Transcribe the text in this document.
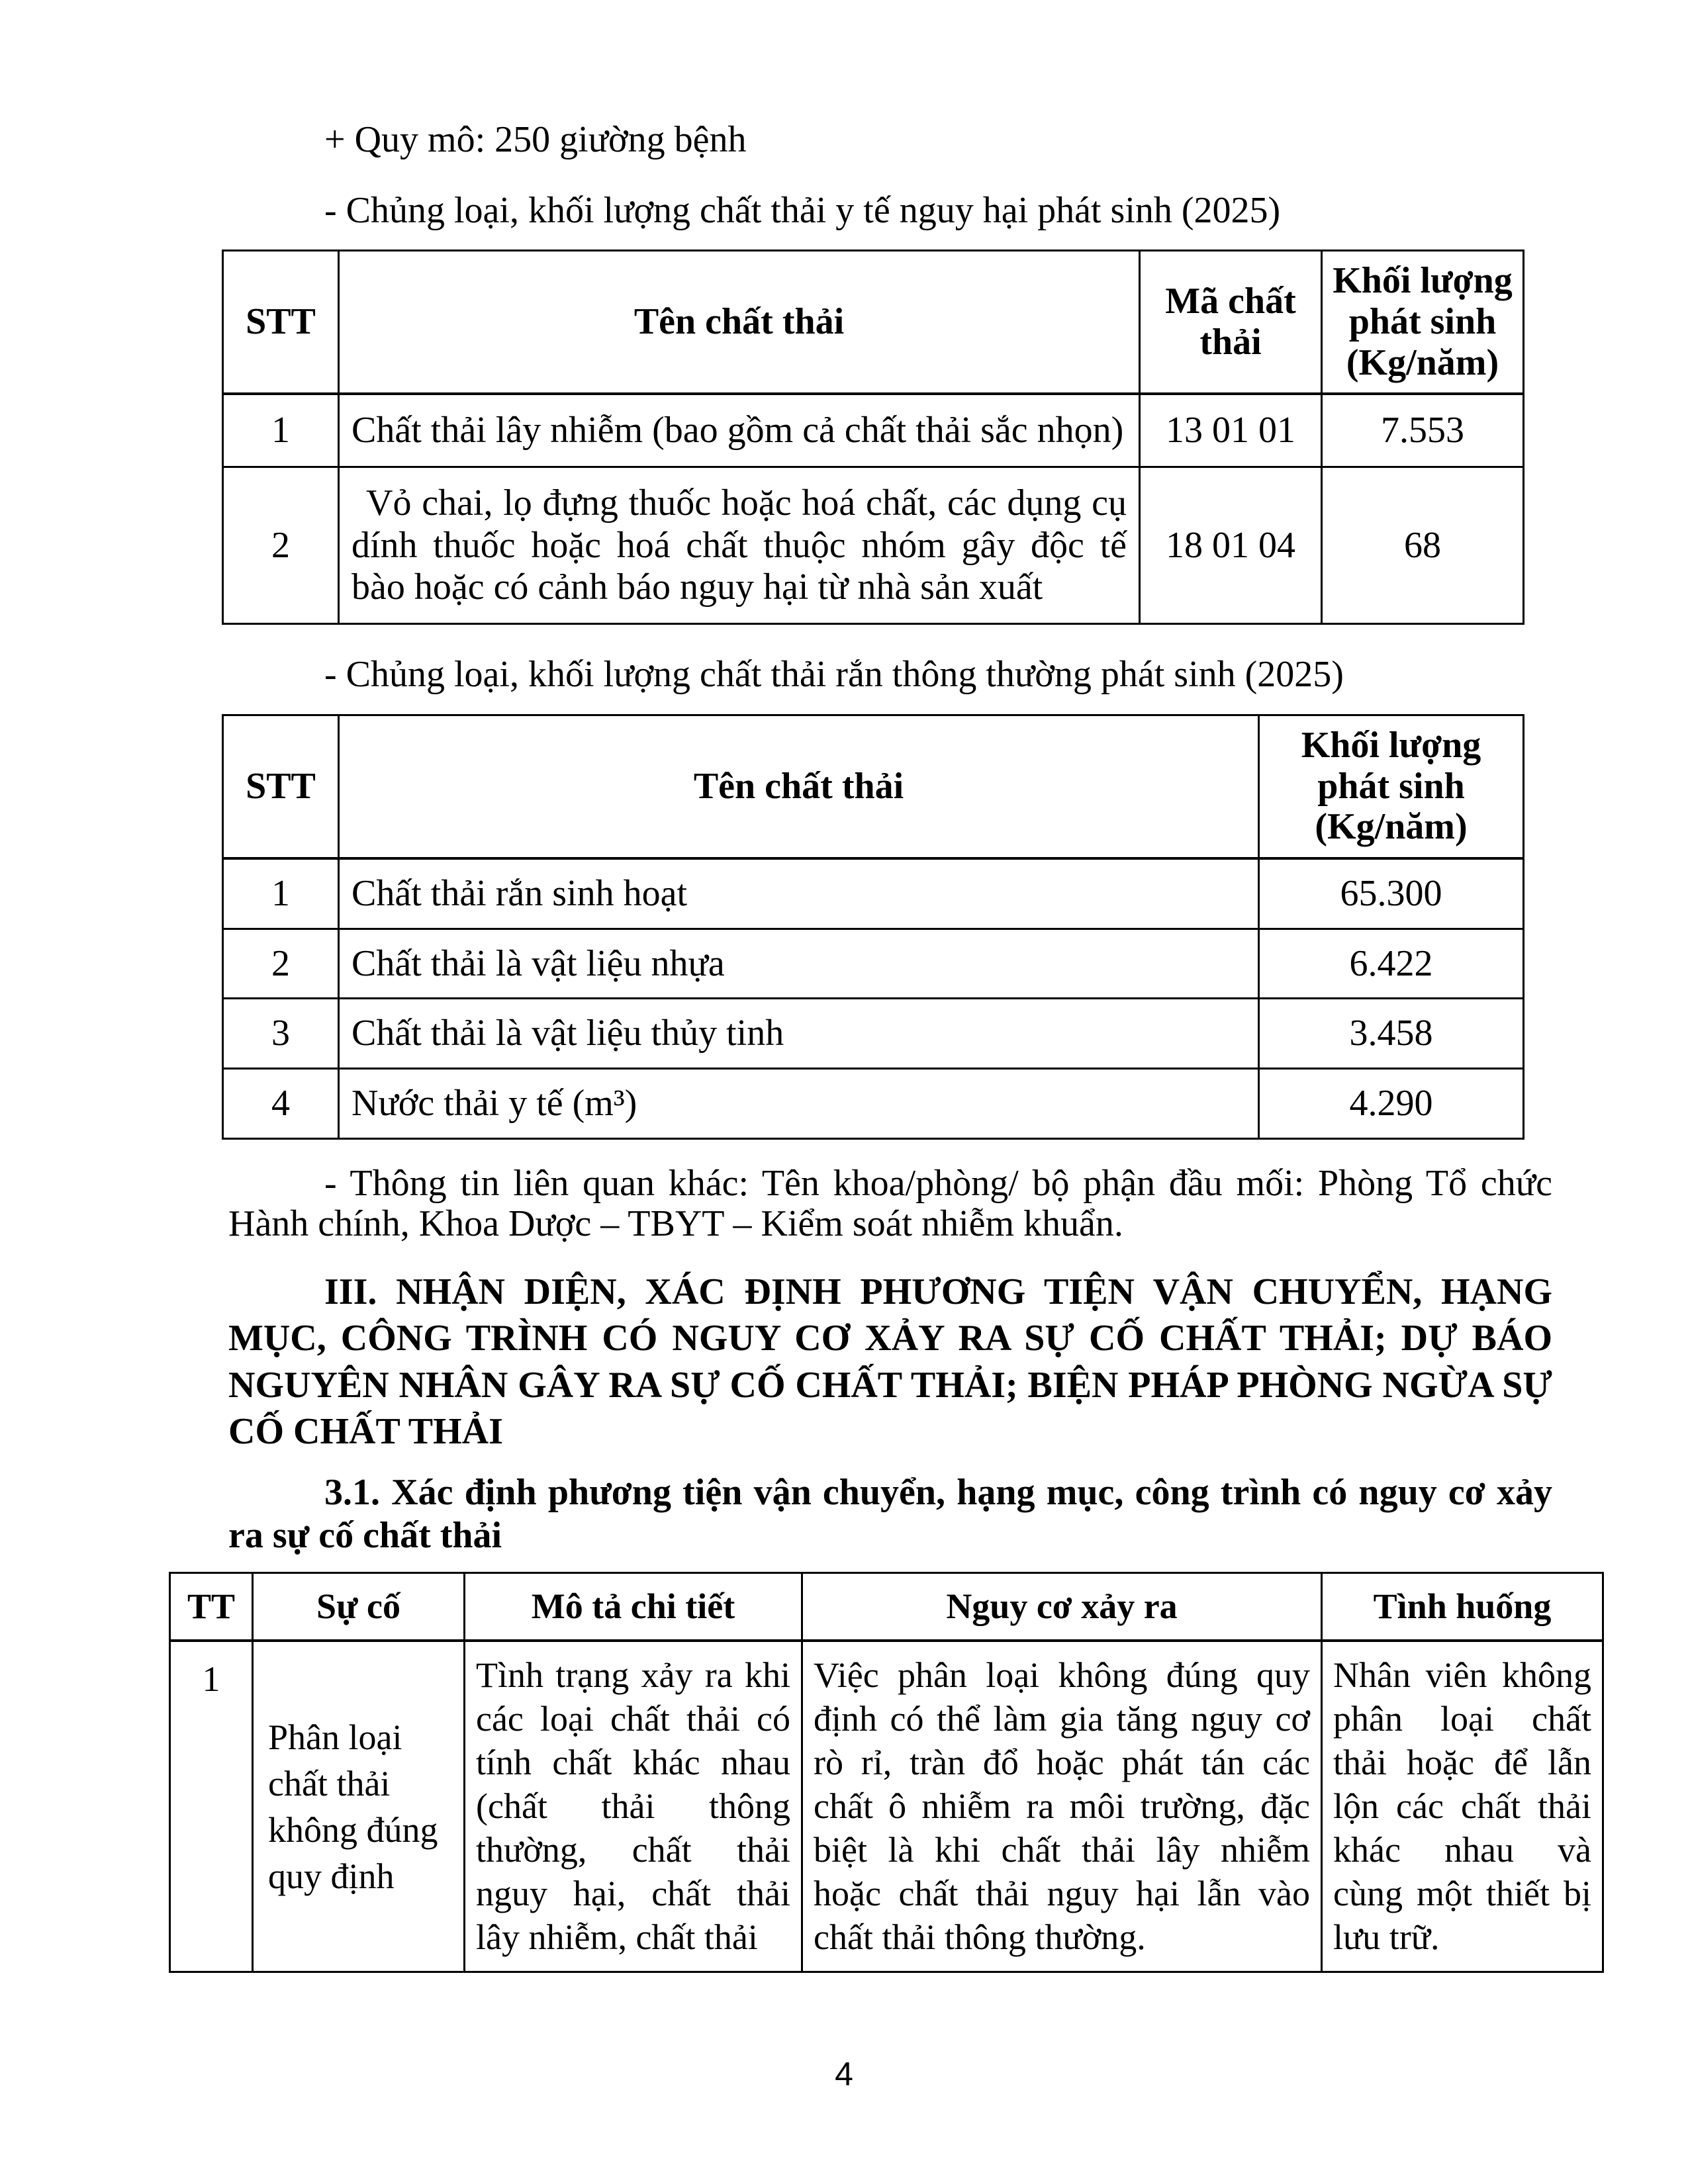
+ Quy mô: 250 giường bệnh

- Chủng loại, khối lượng chất thải y tế nguy hại phát sinh (2025)

STT	Tên chất thải	Mã chất thải	Khối lượng phát sinh (Kg/năm)
1	Chất thải lây nhiễm (bao gồm cả chất thải sắc nhọn)	13 01 01	7.553
2	Vỏ chai, lọ đựng thuốc hoặc hoá chất, các dụng cụ dính thuốc hoặc hoá chất thuộc nhóm gây độc tế bào hoặc có cảnh báo nguy hại từ nhà sản xuất	18 01 04	68

- Chủng loại, khối lượng chất thải rắn thông thường phát sinh (2025)

STT	Tên chất thải	Khối lượng phát sinh (Kg/năm)
1	Chất thải rắn sinh hoạt	65.300
2	Chất thải là vật liệu nhựa	6.422
3	Chất thải là vật liệu thủy tinh	3.458
4	Nước thải y tế (m³)	4.290

- Thông tin liên quan khác: Tên khoa/phòng/ bộ phận đầu mối: Phòng Tổ chức Hành chính, Khoa Dược – TBYT – Kiểm soát nhiễm khuẩn.

III. NHẬN DIỆN, XÁC ĐỊNH PHƯƠNG TIỆN VẬN CHUYỂN, HẠNG MỤC, CÔNG TRÌNH CÓ NGUY CƠ XẢY RA SỰ CỐ CHẤT THẢI; DỰ BÁO NGUYÊN NHÂN GÂY RA SỰ CỐ CHẤT THẢI; BIỆN PHÁP PHÒNG NGỪA SỰ CỐ CHẤT THẢI

3.1. Xác định phương tiện vận chuyển, hạng mục, công trình có nguy cơ xảy ra sự cố chất thải

TT	Sự cố	Mô tả chi tiết	Nguy cơ xảy ra	Tình huống
1	Phân loại chất thải không đúng quy định	Tình trạng xảy ra khi các loại chất thải có tính chất khác nhau (chất thải thông thường, chất thải nguy hại, chất thải lây nhiễm, chất thải	Việc phân loại không đúng quy định có thể làm gia tăng nguy cơ rò rỉ, tràn đổ hoặc phát tán các chất ô nhiễm ra môi trường, đặc biệt là khi chất thải lây nhiễm hoặc chất thải nguy hại lẫn vào chất thải thông thường.	Nhân viên không phân loại chất thải hoặc để lẫn lộn các chất thải khác nhau và cùng một thiết bị lưu trữ.
4
